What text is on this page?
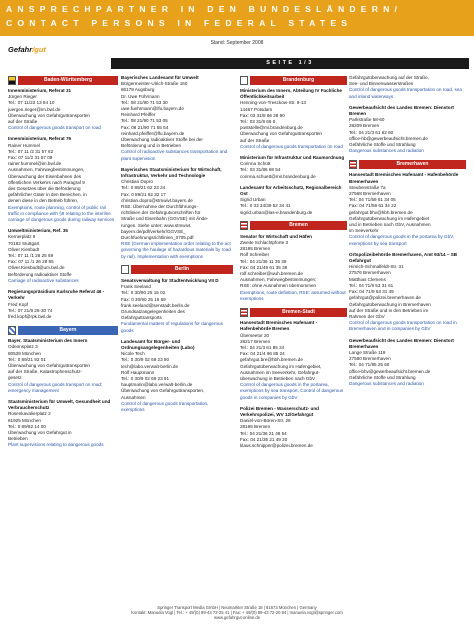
ANSPRECHPARTNER IN DEN BUNDESLÄNDERN/
CONTACT PERSONS IN FEDERAL STATES
Gefahr/gut
Stand: September 2008
SEITE 1/3
Baden-Württemberg
Innenministerium, Referat 31
Jürgen Rieger
Tel.: 07 11/23 13 94 10
juergen.rieger@im.bwl.de
Überwachung von Gefahrguttransporten
auf der Straße
Control of dangerous goods transport on road
Innenministerium, Referat 76
Rainer Hummel
Tel.: 07 11 /2 31 57 62
Fax: 07 11/2 31 57 09
rainer.hummel@im.bwl.de
Ausnahmen, Fahrwegbestimmungen,
Überwachung der Eisenbahnen des
öffentlichen Verkehrs nach Paragraf 9
des Gesetzes über die Beförderung
gefährlicher Güter in den Bereichen, in
denen diese in den Betrieb führen,
Exemptions, route planning, control of public rail traffic in compliance with §9 relating to the interline carriage of dangerous goods during railway services
Umweltministerium, Ref. 35
Kernerplatz 9
70182 Stuttgart
Oliver Kiesbadt
Tel.: 07 11 /1 26 25 69
Fax: 07 11 /1 26 28 85
Oliver.Kiesbadt@um.bwl.de
Beförderung radioaktiver Stoffe
Carriage of radioactive substances
Regierungspräsidium Karlsruhe Referat 46 - Verkehr
Fred Kopf
Tel.: 07 21/9 26-30 74
fred.kopf@rpk.bwl.de
Bayern
Bayer. Staatsministerium des Innern
Odeonsplatz 3
80539 München
Tel.: 0 89/21 92 01
Überwachung von Gefahrguttransporten
auf der Straße, Katastrophenschutz-
gesetz
Control of dangerous goods transport on road; emergency management
Staatsministerium für Umwelt, Gesundheit und Verbraucherschutz
Rosenkavalierplatz 2
81925 München
Tel.: 0 89/92 14 00
Überwachung von Gefahrgut in
Betrieben
Plant supervisions relating to dangerous goods
Bayerisches Landesamt für Umwelt
Bürgermeister-Ulrich-Straße 160
86179 Augsburg
Dr. Uwe Führmann
Tel.: 08 21/90 71 53 30
uwe.fuehrmann@lfu.bayern.de
Reinhard Pfeiffer
Tel.: 08 21/90 71 53 05
Fax: 08 21/90 71 55 54
reinhard.pfeiffer@lfu.bayern.de
Überwachung radioaktiver Stoffe bei der
Beförderung und in Betrieben
Control of radioactive substances transportation and plant supervision
Bayerisches Staatsministerium für Wirtschaft, Infrastruktur, Verkehr und Technologie
Christian Dopro
Tel.: 0 89/21 62 23 24
Fax: 0 89/21 62 32 17
christian.dopro@stmwivt.bayern.de
RSE: Übernahme der Durchführungs-
richtlinien der Gefahrgutvorschriften für
Straße und Eisenbahn (GGVSE) mit Ände-
rungen. Siehe unter: www.stmwivt.
bayern.de/pdf/verkehr/GGVSE_
Durchfuehrungsrichtlinien_0705.pdf
RSE (German implementation order relating to the act governing the haulage of hazardous materials by road by rail). Implementation with exemptions
Berlin
Senatsverwaltung für Stadtentwicklung VII D
Frank Seeland
Tel.: 0 30/90 25 15 02
Fax: 0 30/90 25 16 69
frank.seeland@senstadt.berlin.de
Grundsatzangelegenheiten des
Gefahrguttransports
Fundamental matters of regulations for dangerous goods
Landesamt für Bürger- und Ordnungsangelegenheiten (Labo)
Nicole Tech
Tel.: 0 30/9 02 69 23 90
tech@labo.verwalt-berlin.de
Rolf Hauptmann
Tel.: 0 30/9 02 69 23 91
hauptmann@labo.verwalt-berlin.de
Überwachung von Gefahrguttransporten,
Ausnahmen
Control of dangerous goods transportation, exemptions
Brandenburg
Ministerium des Innern, Abteilung IV Fachliche Öffentlichkeitsarbeit
Henning-von-Tresckow-Str. 9-13
14467 Potsdam
Fax: 03 31/8 66 28 90
Tel.: 03 31/8 66 0
poststelle@mi.brandenburg.de
Überwachung von Gefahrguttransporten
auf der Straße
Control of dangerous goods transportation on road
Ministerium für Infrastruktur und Raumordnung
Corinna Schütt
Tel.: 03 31/86 68 54
corinna.schuett@mir.brandenburg.de
Landesamt für Arbeitsschutz, Regionalbereich Ost
Sigrid Urban
Tel.: 0 33 34/39 52 34 41
sigrid.urban@las-e.brandenburg.de
Bremen
Senator für Wirtschaft und Häfen
Zweite Schlachtpforte 3
28195 Bremen
Rolf Schreiber
Tel.: 04 21/36 11 35 38
Fax: 04 21/49 61 35 38
rolf.schreiber@wuh.bremen.de
Ausnahmen, Fahrwegbestimmungen;
RSE: ohne Ausnahmen übernommen
Exemptions, route definition, RSE: assumed without exemptions
Bremen-Stadt
Hansestadt Bremisches Hafenamt - Hafenbehörde Bremen
Überseetor 20
28217 Bremen
Tel.: 04 21/3 61 85 24
Fax: 04 21/4 96 85 24
gefahrgut.bre@hbh.bremen.de
Gefahrgutüberwachung im Hafengebiet,
Ausnahmen im Seeverkehr, Gefahrgut-
überwachung in Betrieben nach GbV
Control of dangerous goods in the portarea, exemptions by sea transport, Control of dangerous goods in companies by GbV
Polizei Bremen - Wasserschutz- und Verkehrspolizei, WV 12/Gefahrgut
Daniel-von-Büren-Str. 28
28195 Bremen
Tel.: 04 21/36 21 48 54
Fax: 04 21/36 21 49 20
klaus.schnipper@polizei.bremen.de
Gefahrgutüberwachung auf der Straße,
See- und Binnenwasserstraßen
Control of dangerous goods transportation on road, sea and inland waterways
Gewerbeaufsicht des Landes Bremen: Dienstort Bremen
Parkstraße 58-60
28209 Bremen
Tel.: 04 21/3 61 62 60
office-hb@gewerbeaufsicht.bremen.de
Gefährliche Stoffe und Strahlung
Dangerous substances and radiation
Bremerhaven
Hansestadt Bremisches Hafenamt - Hafenbehörde Bremerhaven
Steubenstraße 7a
27568 Bremerhaven
Tel.: 04 71/59 61 34 05
Fax: 04 71/59 61 34 22
gefahrgut.bhv@hbh.bremen.de
Gefahrgutüberwachung im Hafengebiet
und in Betrieben nach GbV, Ausnahmen
im Seeverkehr
Control of dangerous goods in the portarea by GbV, exemptions by sea transport
Ortspolizeibehörde Bremerhaven, Amt 93/14 – SB Gefahrgut
Hinrich-Schmalfeldt-Str. 31
27576 Bremerhaven
Matthias Clemens
Tel.: 04 71/9 53 31 61
Fax: 04 71/9 53 31 49
gefahrgut@polizei.bremerhaven.de
Gefahrgutüberwachung in Bremerhaven
auf der Straße und in den Betrieben im
Rahmen der GbV
Control of dangerous goods transportation on road in Bremerhaven and in companies by GbV
Gewerbeaufsicht des Landes Bremen: Dienstort Bremerhaven
Lange Straße 119
27580 Bremerhaven
Tel.: 04 71/95 25 60
office-bhv@gewerbeaufsicht.bremen.de
Gefährliche Stoffe und Strahlung
Dangerous substances and radiation
Springer Transport Media GmbH | Neumarkter Straße 18 | 81673 München | Germany
Kontakt: Manuela Vogl | Tel.: + 49/(0) 89-43 72-25 41 | Fax: + 49/(0) 89-43 72-20 84 | manuela.vogl@springer.com
www.gefahrgut-online.de
